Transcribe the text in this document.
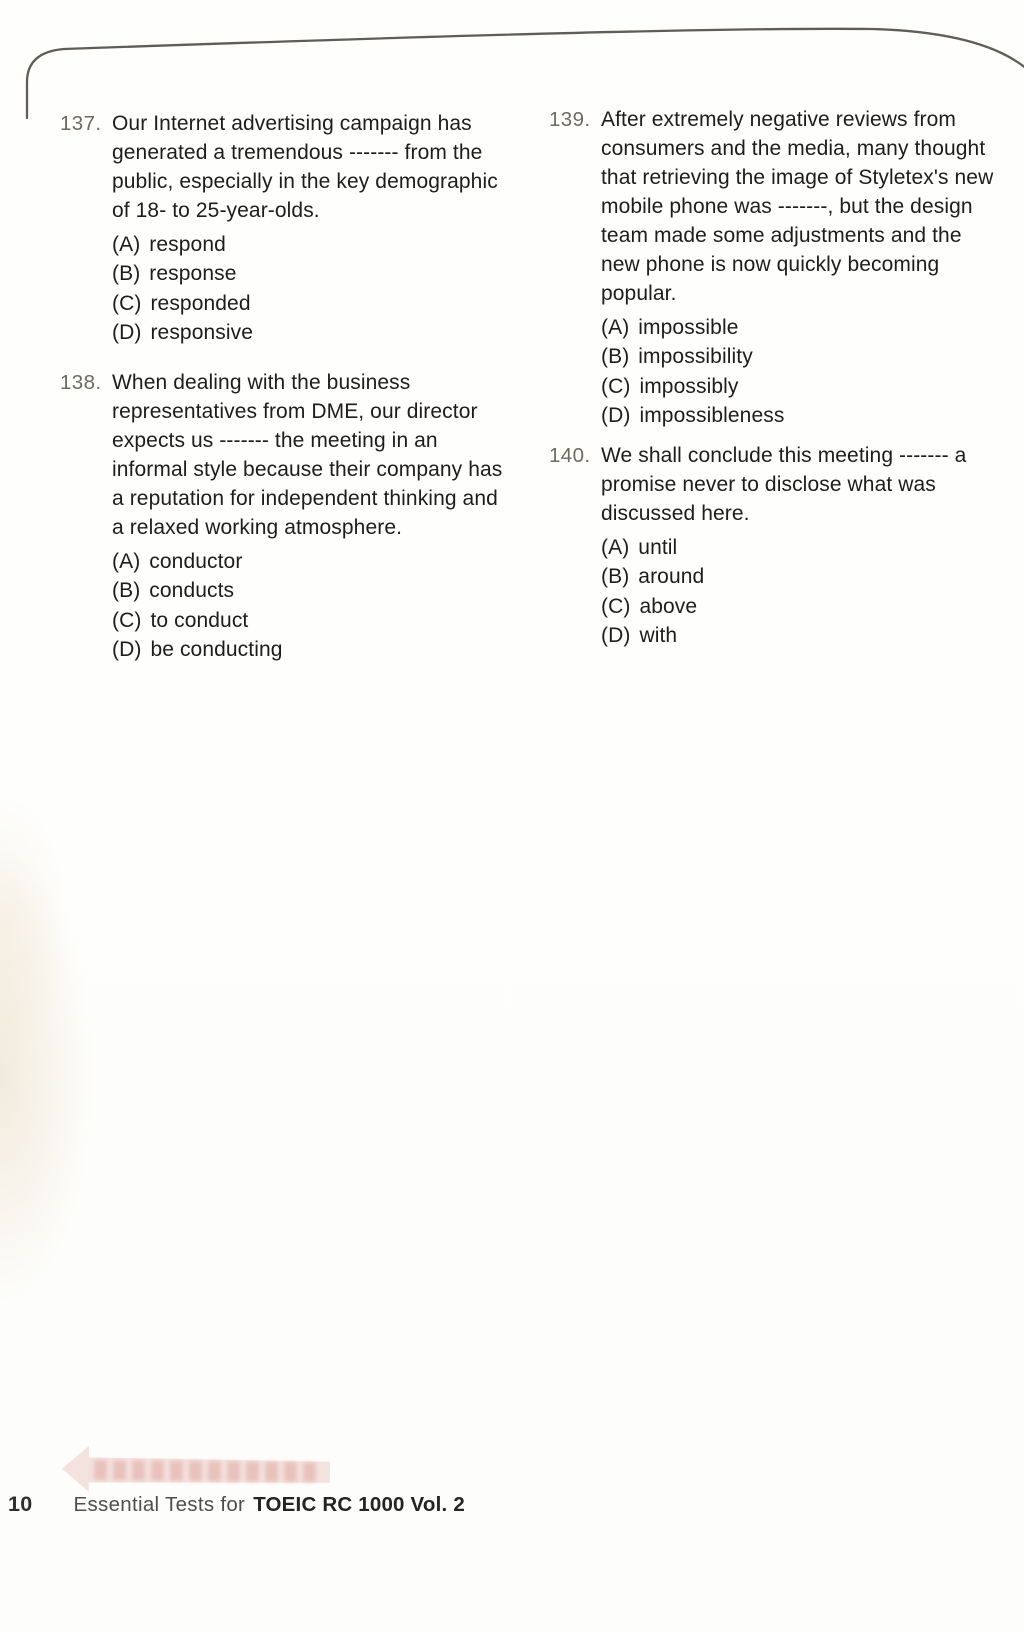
137. Our Internet advertising campaign has
generated a tremendous ------- from the
public, especially in the key demographic
of 18- to 25-year-olds.
(A) respond
(B) response
(C) responded
(D) responsive
138. When dealing with the business
representatives from DME, our director
expects us ------- the meeting in an
informal style because their company has
a reputation for independent thinking and
a relaxed working atmosphere.
(A) conductor
(B) conducts
(C) to conduct
(D) be conducting
139. After extremely negative reviews from
consumers and the media, many thought
that retrieving the image of Styletex's new
mobile phone was -------, but the design
team made some adjustments and the
new phone is now quickly becoming
popular.
(A) impossible
(B) impossibility
(C) impossibly
(D) impossibleness
140. We shall conclude this meeting ------- a
promise never to disclose what was
discussed here.
(A) until
(B) around
(C) above
(D) with
10 Essential Tests for TOEIC RC 1000 Vol. 2
